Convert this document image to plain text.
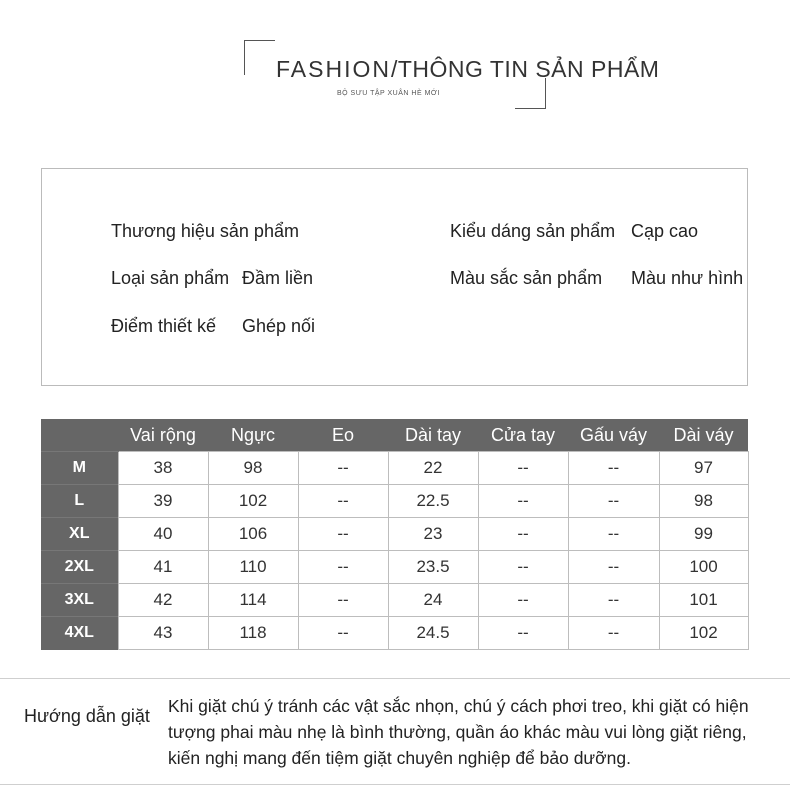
FASHION/THÔNG TIN SẢN PHẨM
BỘ SƯU TẬP XUÂN HÈ MỚI
Thương hiệu sản phẩm	Kiểu dáng sản phẩm Cạp cao
Loại sản phẩm Đầm liền	Màu sắc sản phẩm Màu như hình
Điểm thiết kế Ghép nối
	Vai rộng	Ngực	Eo	Dài tay	Cửa tay	Gấu váy	Dài váy
M	38	98	--	22	--	--	97
L	39	102	--	22.5	--	--	98
XL	40	106	--	23	--	--	99
2XL	41	110	--	23.5	--	--	100
3XL	42	114	--	24	--	--	101
4XL	43	118	--	24.5	--	--	102
Hướng dẫn giặt Khi giặt chú ý tránh các vật sắc nhọn, chú ý cách phơi treo, khi giặt có hiện tượng phai màu nhẹ là bình thường, quần áo khác màu vui lòng giặt riêng, kiến nghị mang đến tiệm giặt chuyên nghiệp để bảo dưỡng.
